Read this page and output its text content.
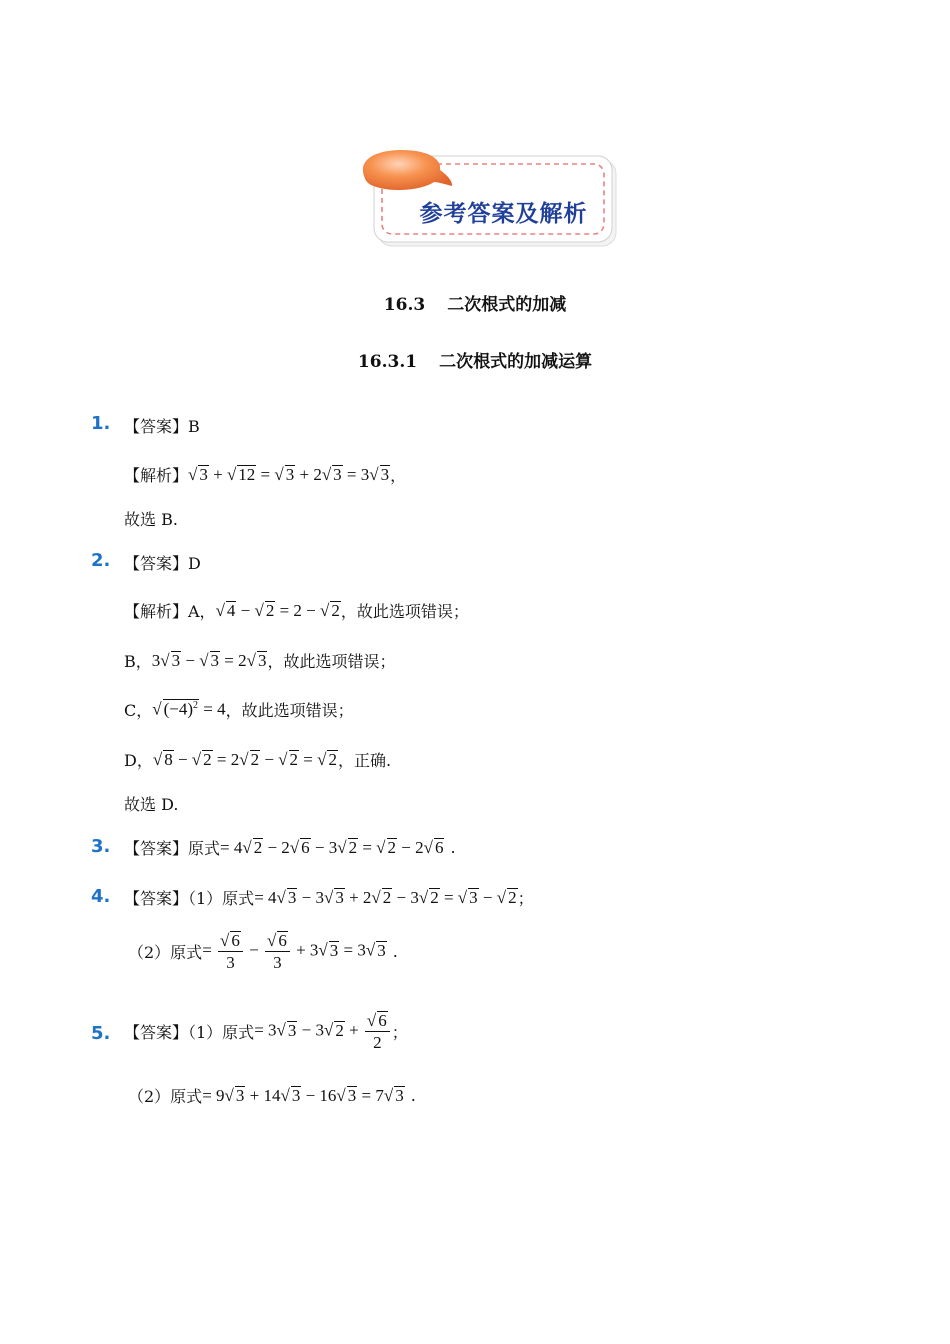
参考答案及解析
16.3 二次根式的加减
16.3.1 二次根式的加减运算
1. 【答案】B
【解析】 √ 3 + √ 12 = √ 3 + 2√ 3 = 3√ 3 ，
故选 B.
2. 【答案】D
【解析】A， √ 4 − √ 2 = 2 − √ 2 ，故此选项错误；
B， 3√ 3 − √ 3 = 2√ 3 ，故此选项错误；
C， √ $(-4)^2 = 4$ ，故此选项错误；
D， √ 8 − √ 2 = 2√ 2 − √ 2 = √ 2 ，正确.
故选 D.
3. 【答案】原式 = 4√ 2 − 2√ 6 − 3√ 2 = √ 2 − 2√ 6 .
4. 【答案】（1）原式 = 4√ 3 − 3√ 3 + 2√ 2 − 3√ 2 = √ 3 − √ 2 ；
（2）原式 = $\frac{√ 6}{3} - \frac{√ 6}{3} + 3√$ 3 = 3√ 3 .
5. 【答案】（1）原式 = 3√ 3 − 3√ $2 + \frac{√ 6}{2}$ ；
（2）原式 = 9√ 3 + 14√ 3 − 16√ 3 = 7√ 3 .
